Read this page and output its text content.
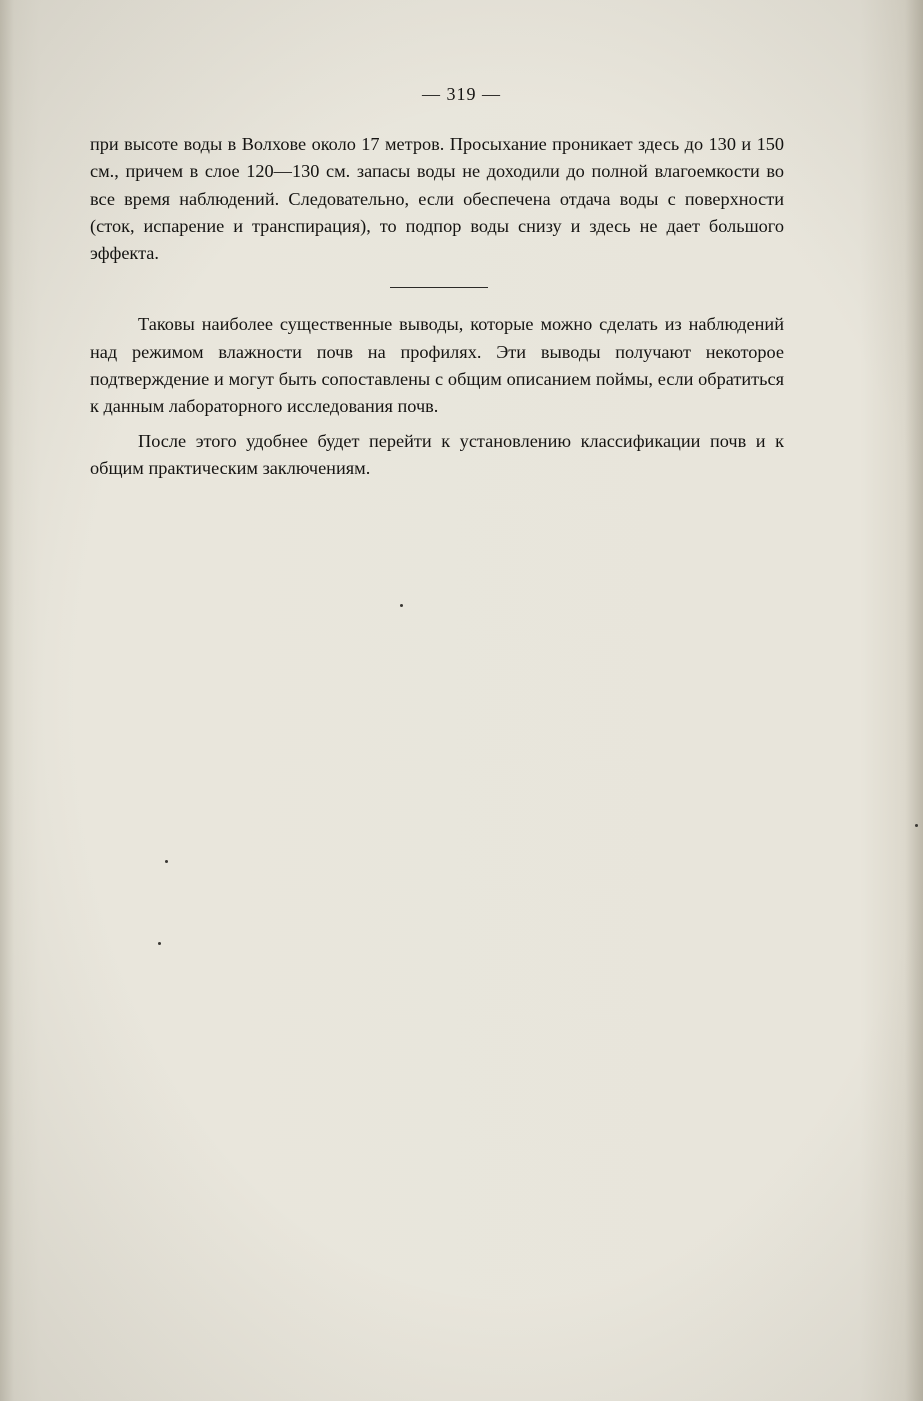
— 319 —

при высоте воды в Волхове около 17 метров. Просыхание проникает здесь до 130 и 150 см., причем в слое 120—130 см. запасы воды не доходили до полной влагоемкости во все время наблюдений. Следовательно, если обеспечена отдача воды с поверхности (сток, испарение и транспирация), то подпор воды снизу и здесь не дает большого эффекта.

Таковы наиболее существенные выводы, которые можно сделать из наблюдений над режимом влажности почв на профилях. Эти выводы получают некоторое подтверждение и могут быть сопоставлены с общим описанием поймы, если обратиться к данным лабораторного исследования почв.

После этого удобнее будет перейти к установлению классификации почв и к общим практическим заключениям.
